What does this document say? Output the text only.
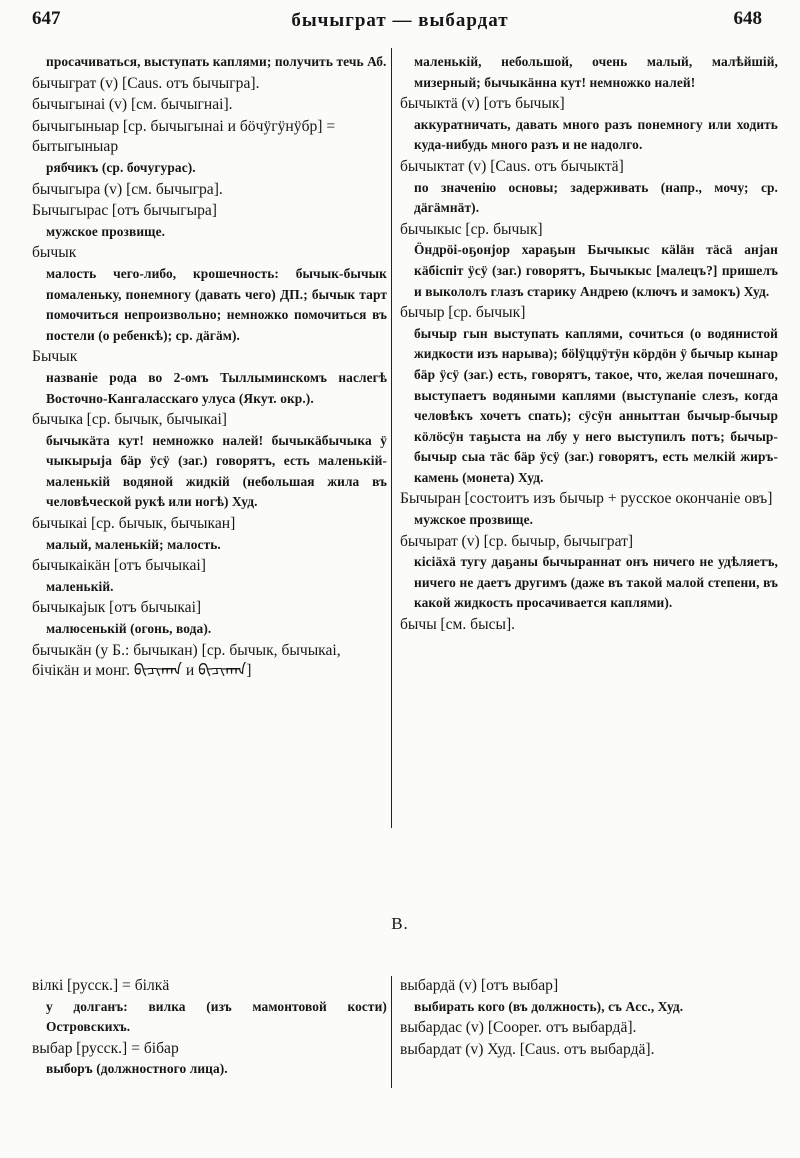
647	бычыграт — выбардат	648
просачиваться, выступать каплями; получить течь Аб.
бычыграт (v) [Caus. отъ бычыгра].
бычыгынаі (v) [см. бычыгнаі].
бычыгыныар [ср. бычыгынаі и бöчÿгÿнÿбр] = бытыгыныар
рябчикъ (ср. бочугурас).
бычыгыра (v) [см. бычыгра].
Бычыгырас [отъ бычыгыра]
мужское прозвище.
бычык
малость чего-либо, крошечность: бычык-бычык помаленьку, понемногу (давать чего) ДП.; бычык тарт помочиться непроизвольно; немножко помочиться въ постели (о ребенкѣ); ср. дäгäм).
Бычык
названіе рода во 2-омъ Тыллыминскомъ наслегѣ Восточно-Кангаласскаго улуса (Якут. окр.).
бычыка [ср. бычык, бычыкаі]
бычыкäта кут! немножко налей! бычыкäбычыка ÿ чыкырыја бäр ÿсÿ (заг.) говорятъ, есть маленькій-маленькій водяной жидкій (небольшая жила въ человѣческой рукѣ или ногѣ) Худ.
бычыкаі [ср. бычык, бычыкан]
малый, маленькій; малость.
бычыкаікäн [отъ бычыкаі]
маленькій.
бычыкајык [отъ бычыкаі]
малюсенькій (огонь, вода).
бычыкäн (у Б.: бычыкан) [ср. бычык, бычыкаі, бічікäн и монг. ᠪᠢᠴᠢᠬᠠᠨ и ᠪᠢᠴᠢᠬᠠᠨ]
маленькій, небольшой, очень малый, малѣйшій, мизерный; бычыкäнна кут! немножко налей!
бычыктä (v) [отъ бычык]
аккуратничать, давать много разъ понемногу или ходить куда-нибудь много разъ и не надолго.
бычыктат (v) [Caus. отъ бычыктä]
по значенію основы; задерживать (напр., мочу; ср. дäгäмнäт).
бычыкыс [ср. бычык]
Öндрöі-оҕонјор хараҕын Бычыкыс кäläн тäсä анјан кäбiспiт ÿсÿ (заг.) говорятъ, Бычыкыс [малецъ?] пришелъ и выкололъ глазъ старику Андрею (ключъ и замокъ) Худ.
бычыр [ср. бычык]
бычыр гын выступать каплями, сочиться (о водянистой жидкости изъ нарыва); бölÿцџÿтÿн кöрдöн ÿ бычыр кынар бäр ÿсÿ (заг.) есть, говорятъ, такое, что, желая почешнаго, выступаетъ водяными каплями (выступаніе слезъ, когда человѣкъ хочетъ спать); сÿсÿн анныттан бычыр-бычыр кöлöсÿн таҕыста на лбу у него выступилъ потъ; бычыр-бычыр сыа тäс бäр ÿсÿ (заг.) говорятъ, есть мелкій жиръ-камень (монета) Худ.
Бычыран [состоитъ изъ бычыр + русское окончаніе овъ]
мужское прозвище.
бычырат (v) [ср. бычыр, бычыграт]
кісіäхä тугу даҕаны бычыраннат онъ ничего не удѣляетъ, ничего не даетъ другимъ (даже въ такой малой степени, въ какой жидкость просачивается каплями).
бычы [см. бысы].
В.
вiлкі [русск.] = бiлкä
у долганъ: вилка (изъ мамонтовой кости) Островскихъ.
выбар [русск.] = бiбар
выборъ (должностного лица).
выбардä (v) [отъ выбар]
выбирать кого (въ должность), съ Acc., Худ.
выбардас (v) [Cooper. отъ выбардä].
выбардат (v) Худ. [Caus. отъ выбардä].
